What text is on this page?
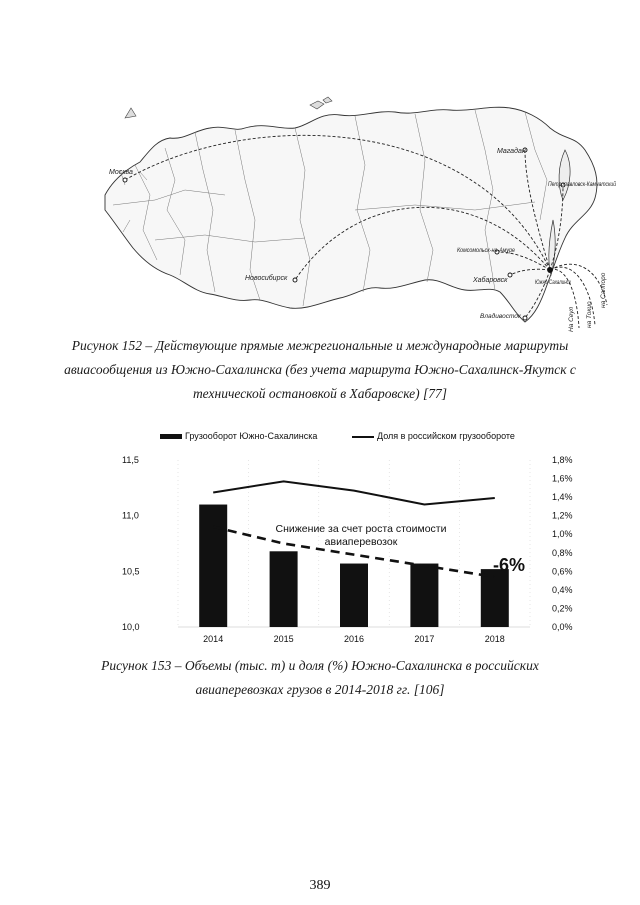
Москва
Магадан
Петропавловск-Камчатский
Комсомольск-на-Амуре
Хабаровск
Новосибирск
Владивосток
Южно-Сахалинск
На Сеул на Токио
на Саппоро
Рисунок 152 – Действующие прямые межрегиональные и международные маршруты
авиасообщения из Южно-Сахалинска (без учета маршрута Южно-Сахалинск-Якутск с
технической остановкой в Хабаровске) [77]
Грузооборот Южно-Сахалинска	Доля в российском грузообороте
11,5
11,0
10,5
10,0
1,8%
1,6%
1,4%
1,2%
1,0%
0,8%
0,6%
0,4%
0,2%
0,0%
2014	2015	2016	2017	2018
Снижение за счет роста стоимости
авиаперевозок
-6%
Рисунок 153 – Объемы (тыс. т) и доля (%) Южно-Сахалинска в российских
авиаперевозках грузов в 2014-2018 гг. [106]
389
